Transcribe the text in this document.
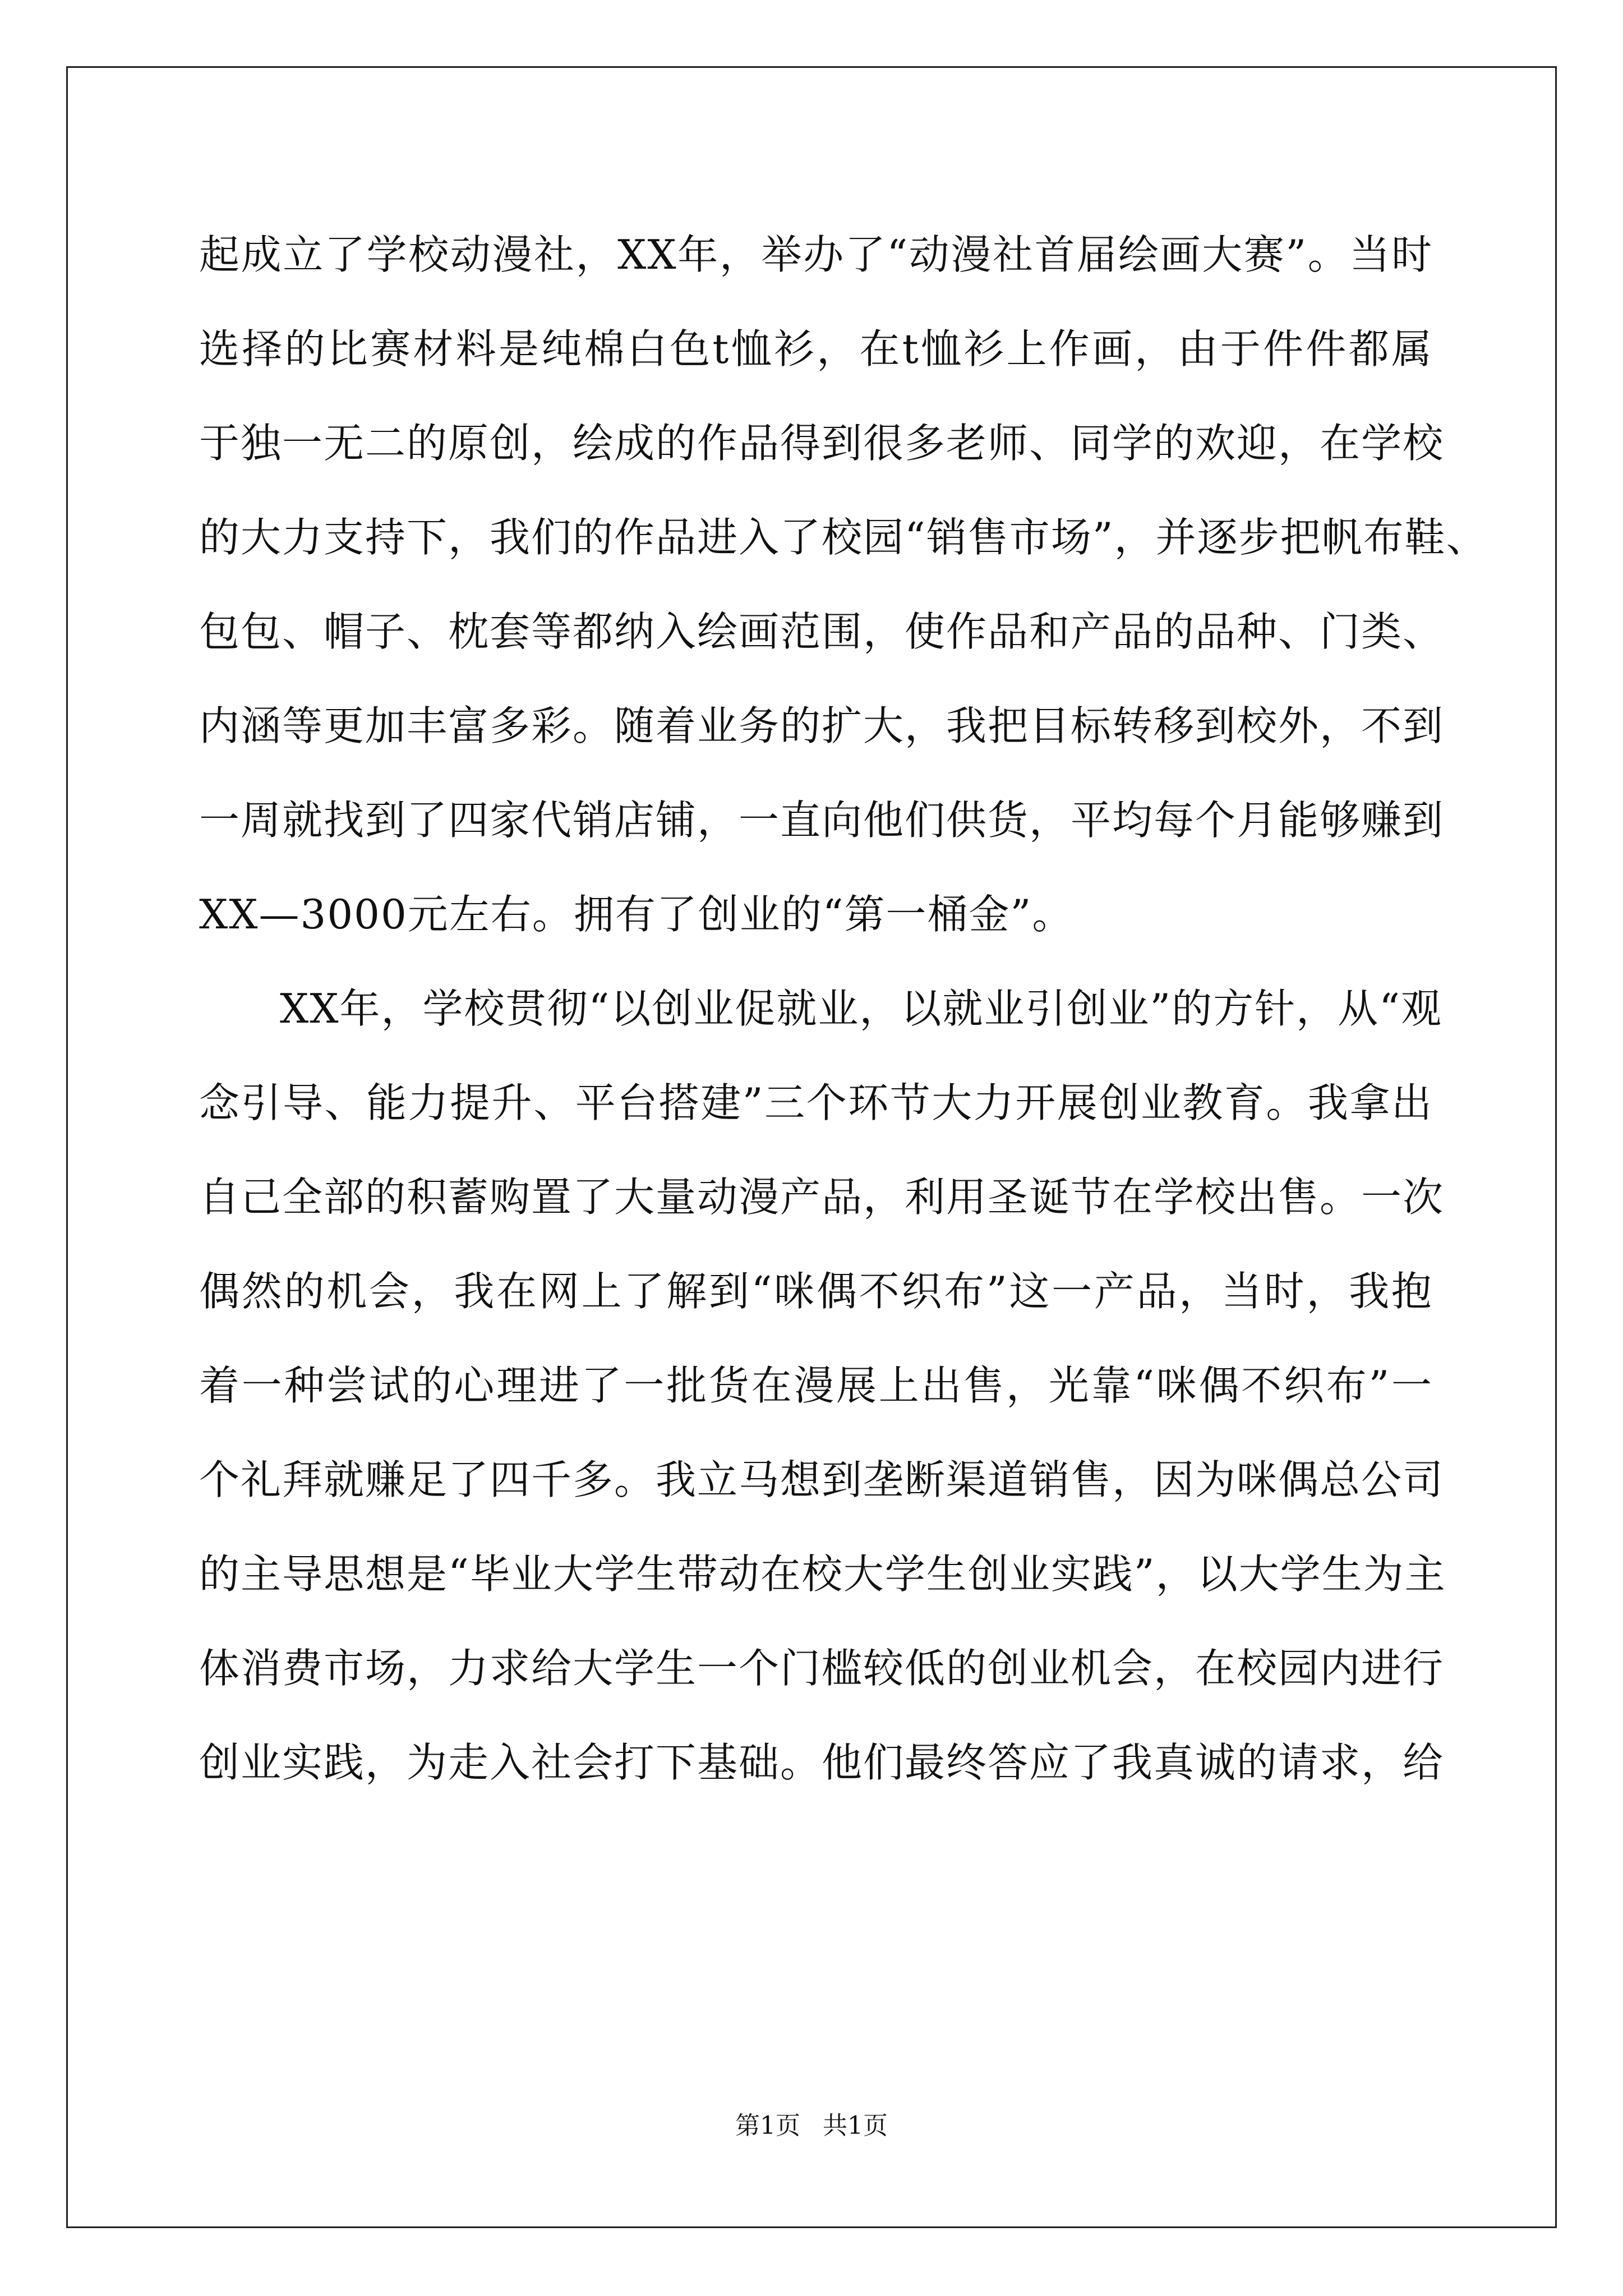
起成立了学校动漫社，XX年，举办了“动漫社首届绘画大赛”。当时
选择的比赛材料是纯棉白色t恤衫，在t恤衫上作画，由于件件都属
于独一无二的原创，绘成的作品得到很多老师、同学的欢迎，在学校
的大力支持下，我们的作品进入了校园“销售市场”，并逐步把帆布鞋、
包包、帽子、枕套等都纳入绘画范围，使作品和产品的品种、门类、
内涵等更加丰富多彩。随着业务的扩大，我把目标转移到校外，不到
一周就找到了四家代销店铺，一直向他们供货，平均每个月能够赚到
XX—3000元左右。拥有了创业的“第一桶金”。
XX年，学校贯彻“以创业促就业，以就业引创业”的方针，从“观
念引导、能力提升、平台搭建”三个环节大力开展创业教育。我拿出
自己全部的积蓄购置了大量动漫产品，利用圣诞节在学校出售。一次
偶然的机会，我在网上了解到“咪偶不织布”这一产品，当时，我抱
着一种尝试的心理进了一批货在漫展上出售，光靠“咪偶不织布”一
个礼拜就赚足了四千多。我立马想到垄断渠道销售，因为咪偶总公司
的主导思想是“毕业大学生带动在校大学生创业实践”，以大学生为主
体消费市场，力求给大学生一个门槛较低的创业机会，在校园内进行
创业实践，为走入社会打下基础。他们最终答应了我真诚的请求，给
第1页 共1页
